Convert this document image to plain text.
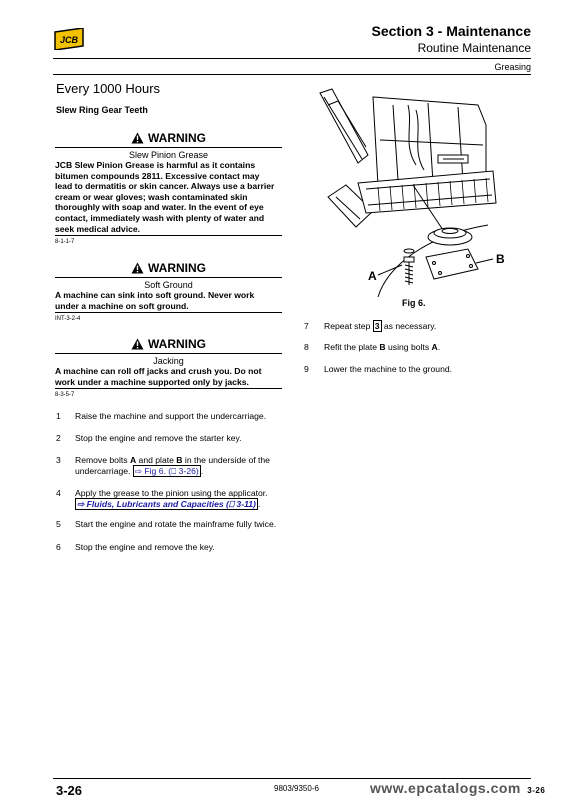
JCB
Section 3 - Maintenance
Routine Maintenance
Greasing
Every 1000 Hours
Slew Ring Gear Teeth
WARNING
Slew Pinion Grease
JCB Slew Pinion Grease is harmful as it contains
bitumen compounds 2811. Excessive contact may
lead to dermatitis or skin cancer. Always use a barrier
cream or wear gloves; wash contaminated skin
thoroughly with soap and water. In the event of eye
contact, immediately wash with plenty of water and
seek medical advice.
8-1-1-7
WARNING
Soft Ground
A machine can sink into soft ground. Never work
under a machine on soft ground.
INT-3-2-4
WARNING
Jacking
A machine can roll off jacks and crush you. Do not
work under a machine supported only by jacks.
8-3-5-7
1 Raise the machine and support the undercarriage.
2 Stop the engine and remove the starter key.
3 Remove bolts A and plate B in the underside of the
undercarriage. ⇨ Fig 6. (⎕ 3-26) .
4 Apply the grease to the pinion using the applicator.
⇨ Fluids, Lubricants and Capacities (⎕ 3-11) .
5 Start the engine and rotate the mainframe fully twice.
6 Stop the engine and remove the key.
A
B
Fig 6.
7 Repeat step 3 as necessary.
8 Refit the plate B using bolts A.
9 Lower the machine to the ground.
3-26	9803/9350-6	www.epcatalogs.com 3-26
